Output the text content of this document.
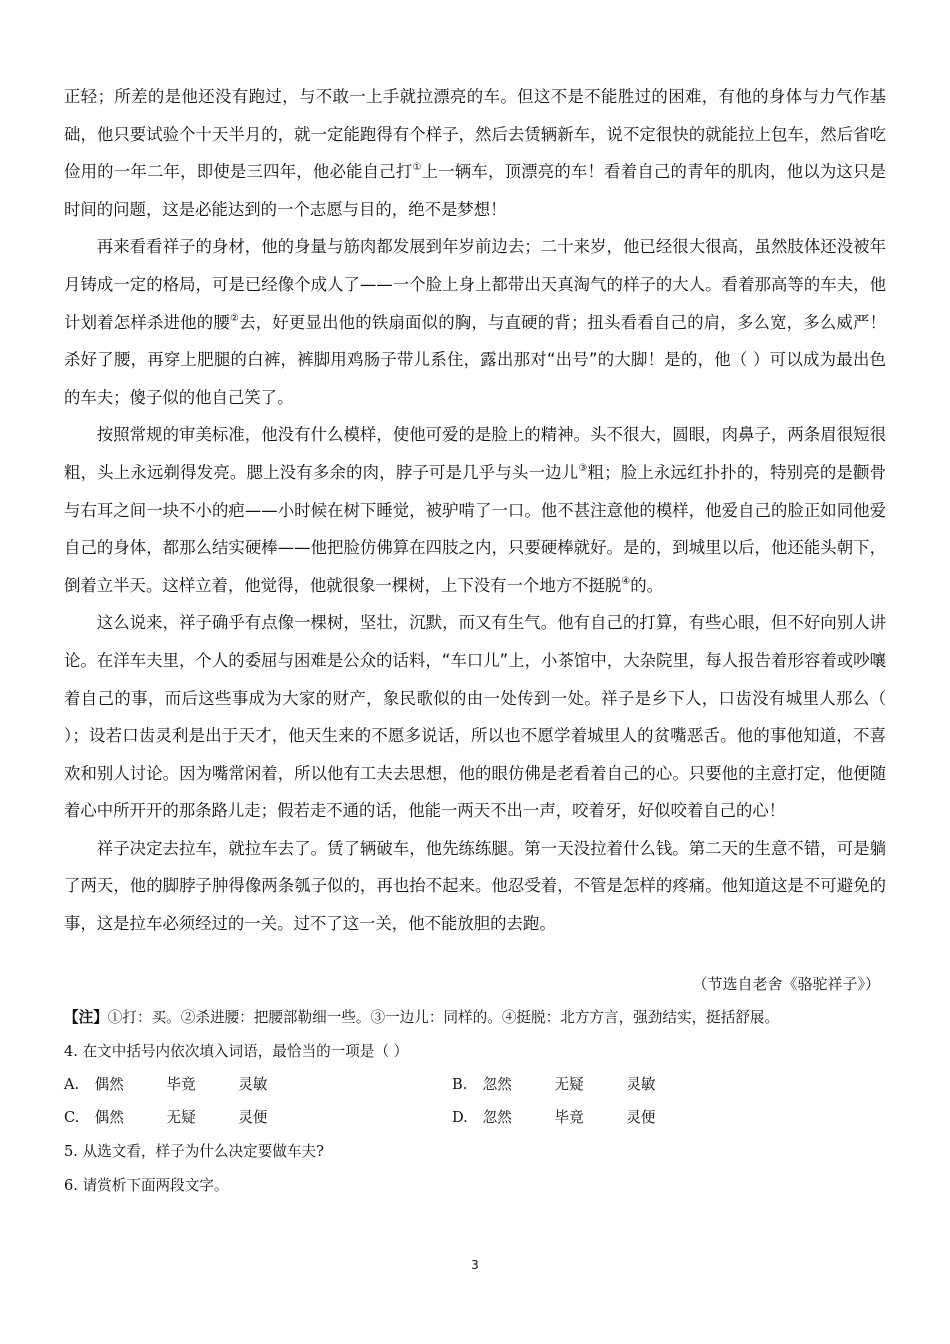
正轻；所差的是他还没有跑过，与不敢一上手就拉漂亮的车。但这不是不能胜过的困难，有他的身体与力气作基础，他只要试验个十天半月的，就一定能跑得有个样子，然后去赁辆新车，说不定很快的就能拉上包车，然后省吃俭用的一年二年，即使是三四年，他必能自己打①上一辆车，顶漂亮的车！看着自己的青年的肌肉，他以为这只是时间的问题，这是必能达到的一个志愿与目的，绝不是梦想！

再来看看祥子的身材，他的身量与筋肉都发展到年岁前边去；二十来岁，他已经很大很高，虽然肢体还没被年月铸成一定的格局，可是已经像个成人了——一个脸上身上都带出天真淘气的样子的大人。看着那高等的车夫，他计划着怎样杀进他的腰②去，好更显出他的铁扇面似的胸，与直硬的背；扭头看看自己的肩，多么宽，多么威严！杀好了腰，再穿上肥腿的白裤，裤脚用鸡肠子带儿系住，露出那对“出号”的大脚！是的，他（ ）可以成为最出色的车夫；傻子似的他自己笑了。

按照常规的审美标准，他没有什么模样，使他可爱的是脸上的精神。头不很大，圆眼，肉鼻子，两条眉很短很粗，头上永远剃得发亮。腮上没有多余的肉，脖子可是几乎与头一边儿③粗；脸上永远红扑扑的，特别亮的是颧骨与右耳之间一块不小的疤——小时候在树下睡觉，被驴啃了一口。他不甚注意他的模样，他爱自己的脸正如同他爱自己的身体，都那么结实硬棒——他把脸仿佛算在四肢之内，只要硬棒就好。是的，到城里以后，他还能头朝下，倒着立半天。这样立着，他觉得，他就很象一棵树，上下没有一个地方不挺脱④的。

这么说来，祥子确乎有点像一棵树，坚壮，沉默，而又有生气。他有自己的打算，有些心眼，但不好向别人讲论。在洋车夫里，个人的委屈与困难是公众的话料，“车口儿”上，小茶馆中，大杂院里，每人报告着形容着或吵嚷着自己的事，而后这些事成为大家的财产，象民歌似的由一处传到一处。祥子是乡下人，口齿没有城里人那么（ ）；设若口齿灵利是出于天才，他天生来的不愿多说话，所以也不愿学着城里人的贫嘴恶舌。他的事他知道，不喜欢和别人讨论。因为嘴常闲着，所以他有工夫去思想，他的眼仿佛是老看着自己的心。只要他的主意打定，他便随着心中所开开的那条路儿走；假若走不通的话，他能一两天不出一声，咬着牙，好似咬着自己的心！

祥子决定去拉车，就拉车去了。赁了辆破车，他先练练腿。第一天没拉着什么钱。第二天的生意不错，可是躺了两天，他的脚脖子肿得像两条瓠子似的，再也抬不起来。他忍受着，不管是怎样的疼痛。他知道这是不可避免的事，这是拉车必须经过的一关。过不了这一关，他不能放胆的去跑。

（节选自老舍《骆驼祥子》）
【注】①打：买。②杀进腰：把腰部勒细一些。③一边儿：同样的。④挺脱：北方方言，强劲结实，挺括舒展。
4. 在文中括号内依次填入词语，最恰当的一项是（ ）
A. 偶然	毕竟	灵敏	B. 忽然	无疑	灵敏
C. 偶然	无疑	灵便	D. 忽然	毕竟	灵便
5. 从选文看，样子为什么决定要做车夫?
6. 请赏析下面两段文字。
3
